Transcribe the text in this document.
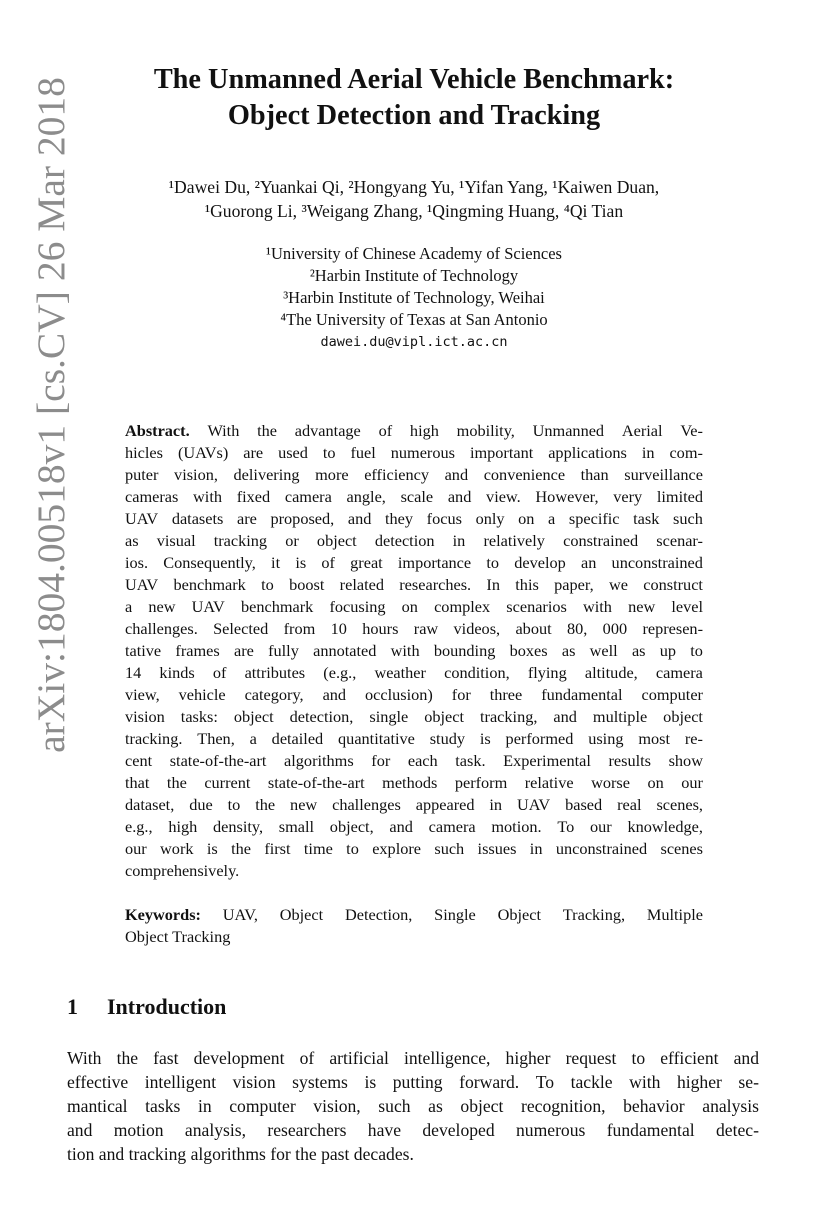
arXiv:1804.00518v1 [cs.CV] 26 Mar 2018	The Unmanned Aerial Vehicle Benchmark:
Object Detection and Tracking
¹Dawei Du, ²Yuankai Qi, ²Hongyang Yu, ¹Yifan Yang, ¹Kaiwen Duan,
¹Guorong Li, ³Weigang Zhang, ¹Qingming Huang, ⁴Qi Tian
¹University of Chinese Academy of Sciences
²Harbin Institute of Technology
³Harbin Institute of Technology, Weihai
⁴The University of Texas at San Antonio
dawei.du@vipl.ict.ac.cn
Abstract. With the advantage of high mobility, Unmanned Aerial Ve-
hicles (UAVs) are used to fuel numerous important applications in com-
puter vision, delivering more efficiency and convenience than surveillance
cameras with fixed camera angle, scale and view. However, very limited
UAV datasets are proposed, and they focus only on a specific task such
as visual tracking or object detection in relatively constrained scenar-
ios. Consequently, it is of great importance to develop an unconstrained
UAV benchmark to boost related researches. In this paper, we construct
a new UAV benchmark focusing on complex scenarios with new level
challenges. Selected from 10 hours raw videos, about 80, 000 represen-
tative frames are fully annotated with bounding boxes as well as up to
14 kinds of attributes (e.g., weather condition, flying altitude, camera
view, vehicle category, and occlusion) for three fundamental computer
vision tasks: object detection, single object tracking, and multiple object
tracking. Then, a detailed quantitative study is performed using most re-
cent state-of-the-art algorithms for each task. Experimental results show
that the current state-of-the-art methods perform relative worse on our
dataset, due to the new challenges appeared in UAV based real scenes,
e.g., high density, small object, and camera motion. To our knowledge,
our work is the first time to explore such issues in unconstrained scenes
comprehensively.
Keywords: UAV, Object Detection, Single Object Tracking, Multiple
Object Tracking
1 Introduction
With the fast development of artificial intelligence, higher request to efficient and
effective intelligent vision systems is putting forward. To tackle with higher se-
mantical tasks in computer vision, such as object recognition, behavior analysis
and motion analysis, researchers have developed numerous fundamental detec-
tion and tracking algorithms for the past decades.
